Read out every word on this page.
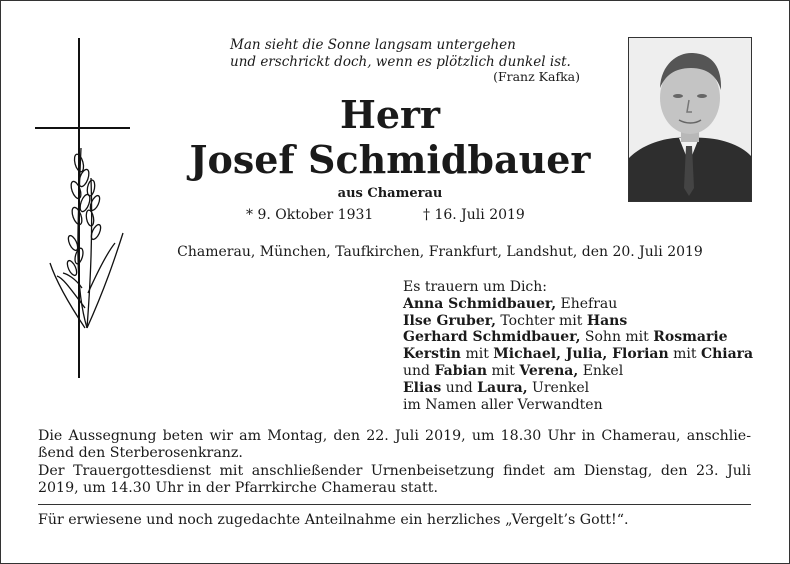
Man sieht die Sonne langsam untergehen
und erschrickt doch, wenn es plötzlich dunkel ist.
(Franz Kafka)
Herr
Josef Schmidbauer
aus Chamerau
* 9. Oktober 1931	† 16. Juli 2019
Chamerau, München, Taufkirchen, Frankfurt, Landshut, den 20. Juli 2019
Es trauern um Dich:
Anna Schmidbauer, Ehefrau
Ilse Gruber, Tochter mit Hans
Gerhard Schmidbauer, Sohn mit Rosmarie
Kerstin mit Michael, Julia, Florian mit Chiara
und Fabian mit Verena, Enkel
Elias und Laura, Urenkel
im Namen aller Verwandten
Die Aussegnung beten wir am Montag, den 22. Juli 2019, um 18.30 Uhr in Chamerau, anschlie-ßend den Sterberosenkranz.
Der Trauergottesdienst mit anschließender Urnenbeisetzung findet am Dienstag, den 23. Juli 2019, um 14.30 Uhr in der Pfarrkirche Chamerau statt.
Für erwiesene und noch zugedachte Anteilnahme ein herzliches „Vergelt’s Gott!“.
